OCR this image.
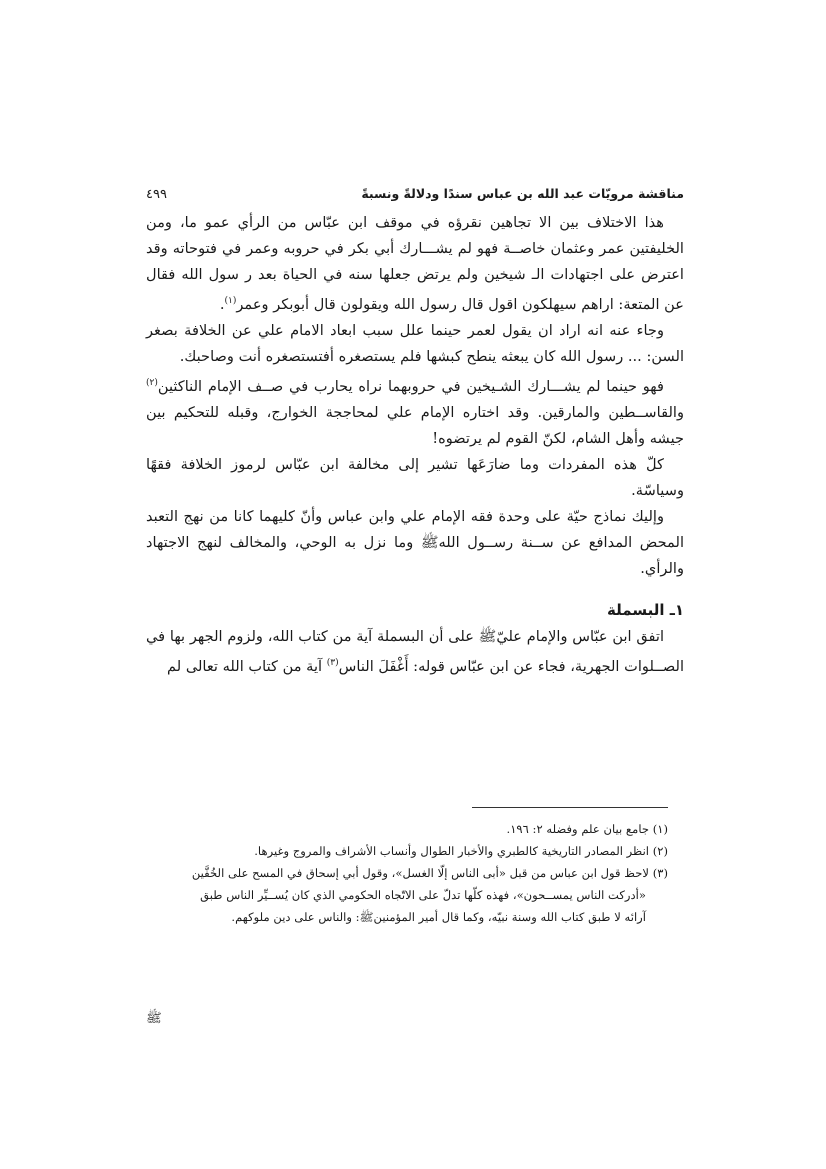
مناقشة مرويّات عبد الله بن عباس سندًا ودلالةً ونسبةً
٤٩٩

هذا الاختلاف بين الا تجاهين نقرؤه في موقف ابن عبّاس من الرأي عمو ما، ومن الخليفتين عمر وعثمان خاصــة فهو لم يشـــارك أبي بكر في حروبه وعمر في فتوحاته وقد اعترض على اجتهادات الـ شيخين ولم يرتض جعلها سنه في الحياة بعد ر سول الله فقال عن المتعة: اراهم سيهلكون اقول قال رسول الله ويقولون قال أبوبكر وعمر$^{(١)}$.

وجاء عنه انه اراد ان يقول لعمر حينما علل سبب ابعاد الامام علي عن الخلافة بصغر السن: ... رسول الله كان يبعثه ينطح كبشها فلم يستصغره أفتستصغره أنت وصاحبك.

فهو حينما لم يشـــارك الشـيخين في حروبهما نراه يحارب في صــف الإمام الناكثين$^{(٢)}$ والقاســطين والمارقين. وقد اختاره الإمام علي لمحاججة الخوارج، وقبله للتحكيم بين جيشه وأهل الشام، لكنّ القوم لم يرتضوه!

كلّ هذه المفردات وما ضارَعَها تشير إلى مخالفة ابن عبّاس لرموز الخلافة فقهًا وسياسّة.

وإليك نماذج حيّة على وحدة فقه الإمام علي وابن عباس وأنّ كليهما كانا من نهج التعبد المحض المدافع عن ســنة رســول اللهﷺ وما نزل به الوحي، والمخالف لنهج الاجتهاد والرأي.

١ـ البسملة

اتفق ابن عبّاس والإمام عليّﷺ على أن البسملة آية من كتاب الله، ولزوم الجهر بها في الصــلوات الجهرية، فجاء عن ابن عبّاس قوله: أَغْفَلَ الناس$^{(٣)}$ آية من كتاب الله تعالى لم

(١) جامع بيان علم وفضله ٢: ١٩٦.

(٢) انظر المصادر التاريخية كالطبري والأخبار الطوال وأنساب الأشراف والمروج وغيرها.

(٣) لاحظ قول ابن عباس من قبل «أبى الناس إلّا الغسل»، وقول أبي إسحاق في المسح على الخُفَّين

«أدركت الناس يمســحون»، فهذه كلّها تدلّ على الاتّجاه الحكومي الذي كان يُســيِّر الناس طبق

آرائه لا طبق كتاب الله وسنة نبيّه، وكما قال أمير المؤمنينﷺ: والناس على دين ملوكهم.

ﷺ
